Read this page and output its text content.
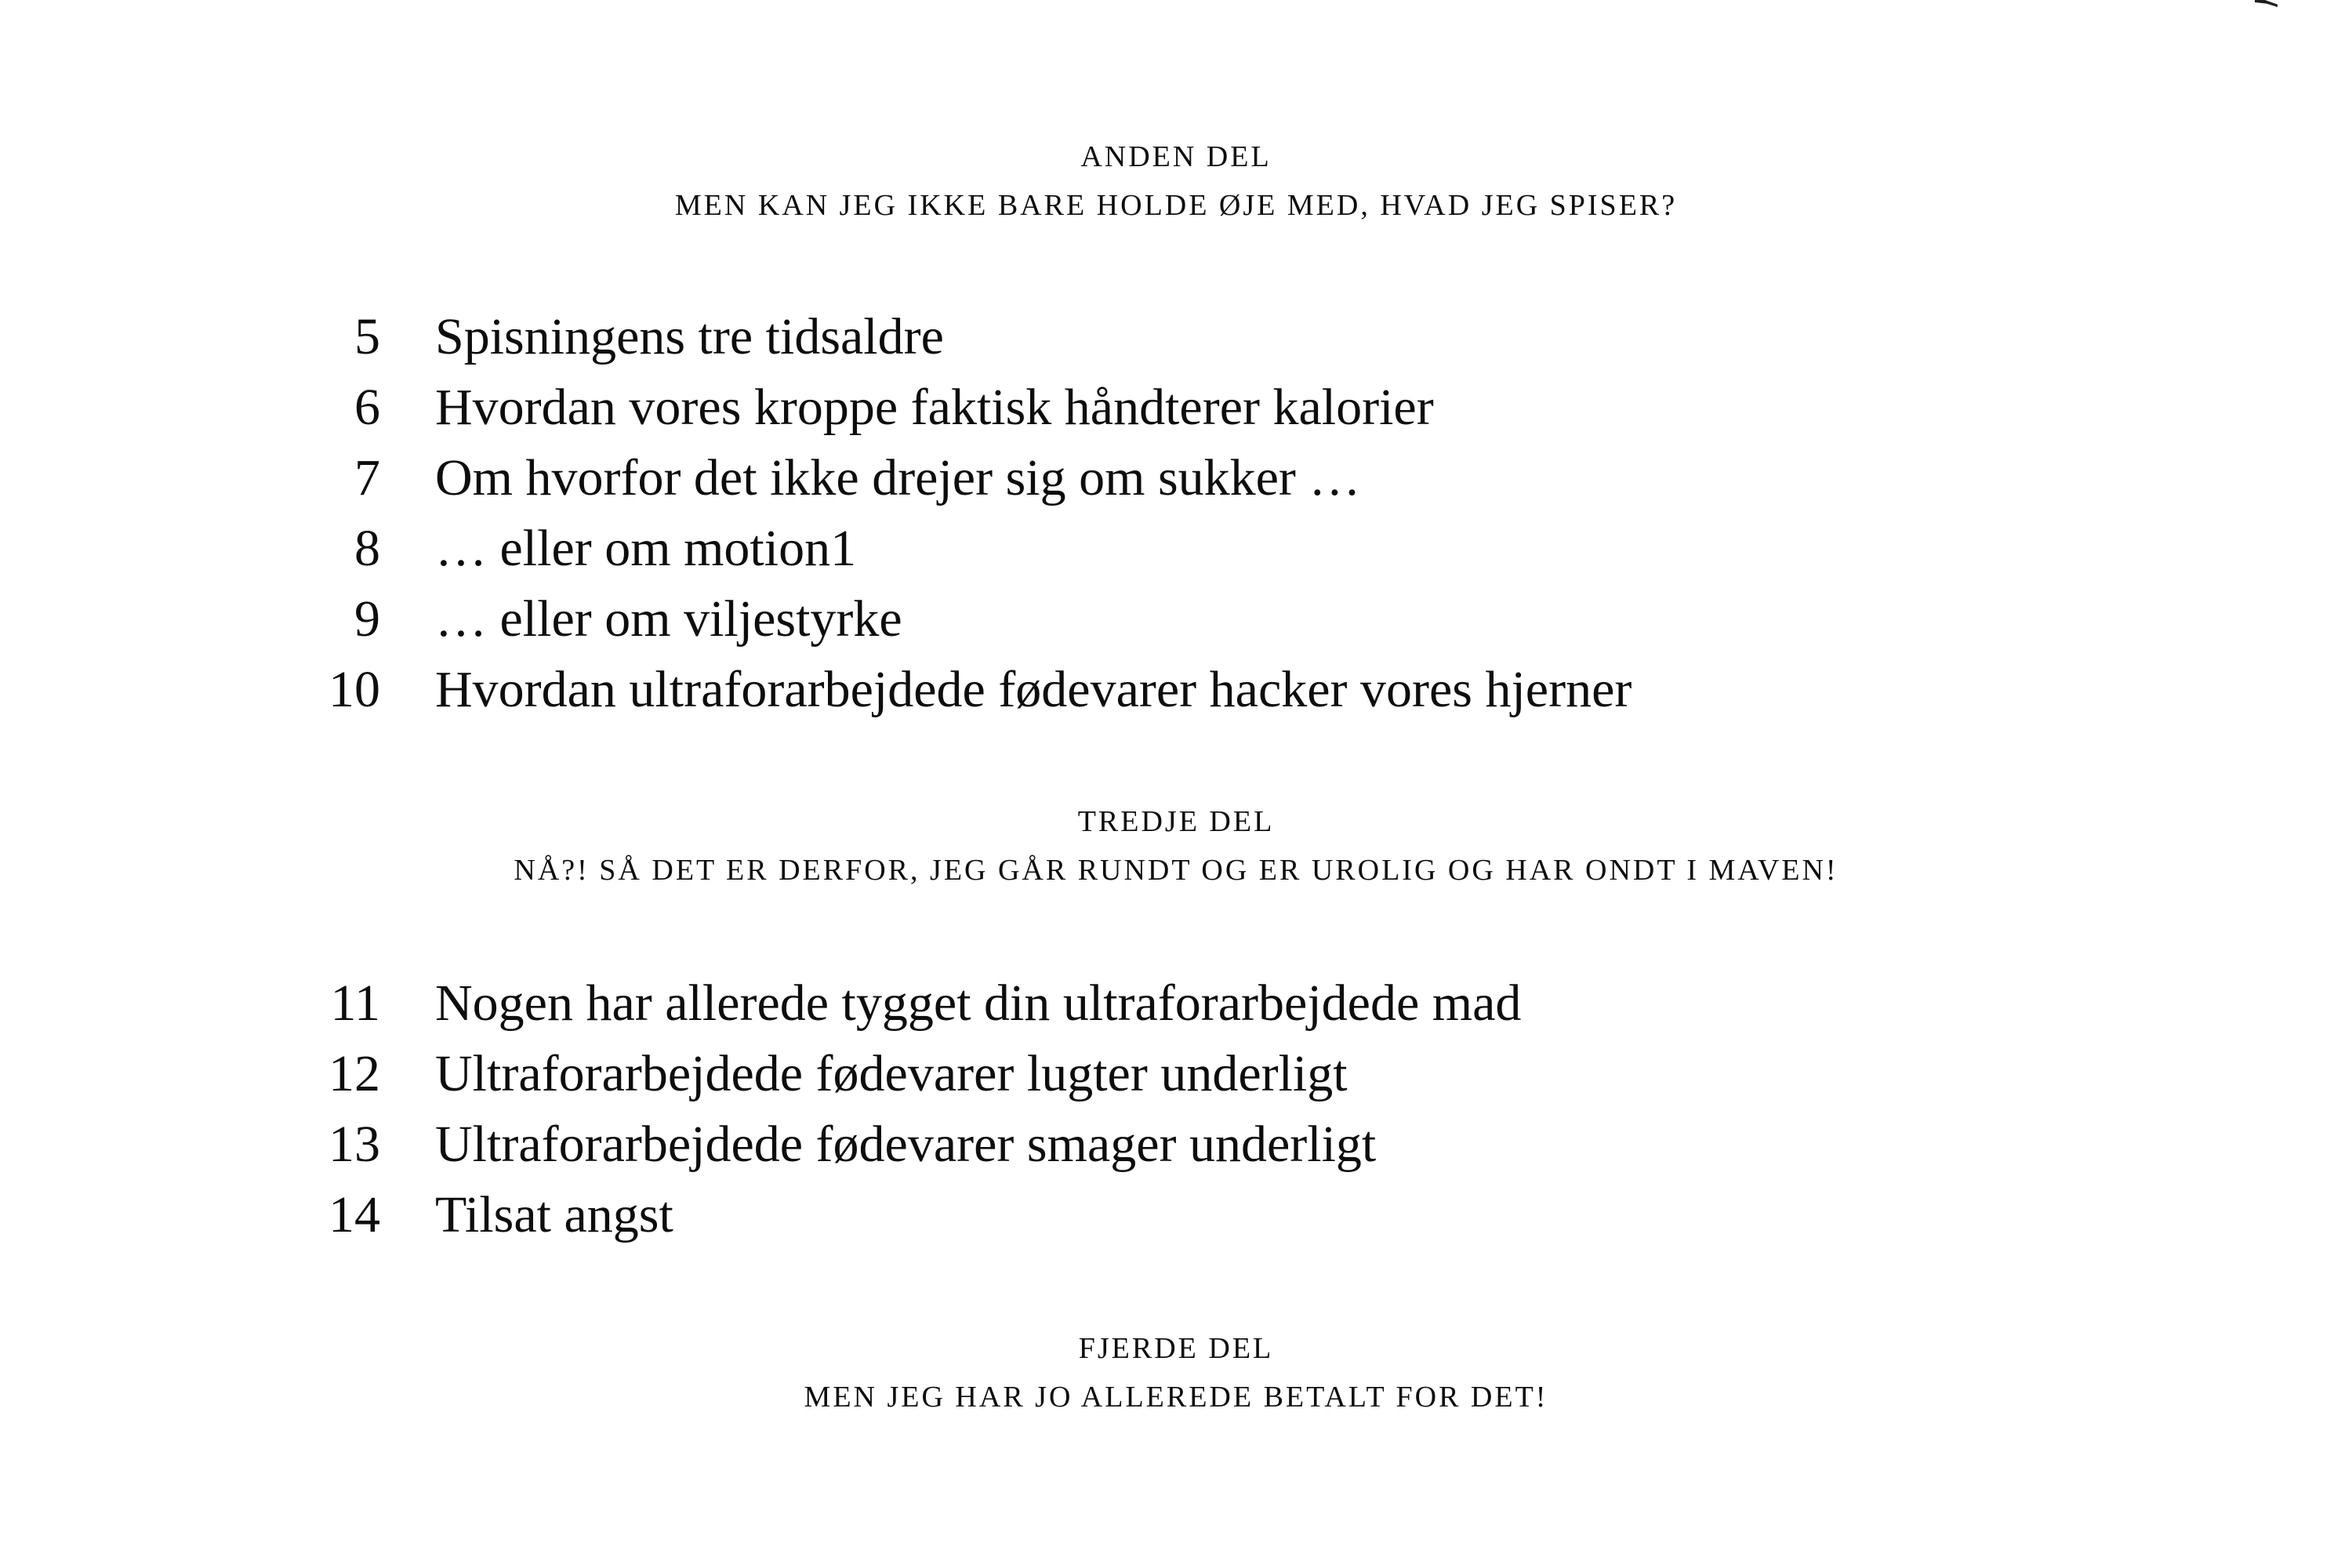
ANDEN DEL
MEN KAN JEG IKKE BARE HOLDE ØJE MED, HVAD JEG SPISER?
5 Spisningens tre tidsaldre
6 Hvordan vores kroppe faktisk håndterer kalorier
7 Om hvorfor det ikke drejer sig om sukker …
8 … eller om motion1
9 … eller om viljestyrke
10 Hvordan ultraforarbejdede fødevarer hacker vores hjerner
TREDJE DEL
NÅ?! SÅ DET ER DERFOR, JEG GÅR RUNDT OG ER UROLIG OG HAR ONDT I MAVEN!
11 Nogen har allerede tygget din ultraforarbejdede mad
12 Ultraforarbejdede fødevarer lugter underligt
13 Ultraforarbejdede fødevarer smager underligt
14 Tilsat angst
FJERDE DEL
MEN JEG HAR JO ALLEREDE BETALT FOR DET!
